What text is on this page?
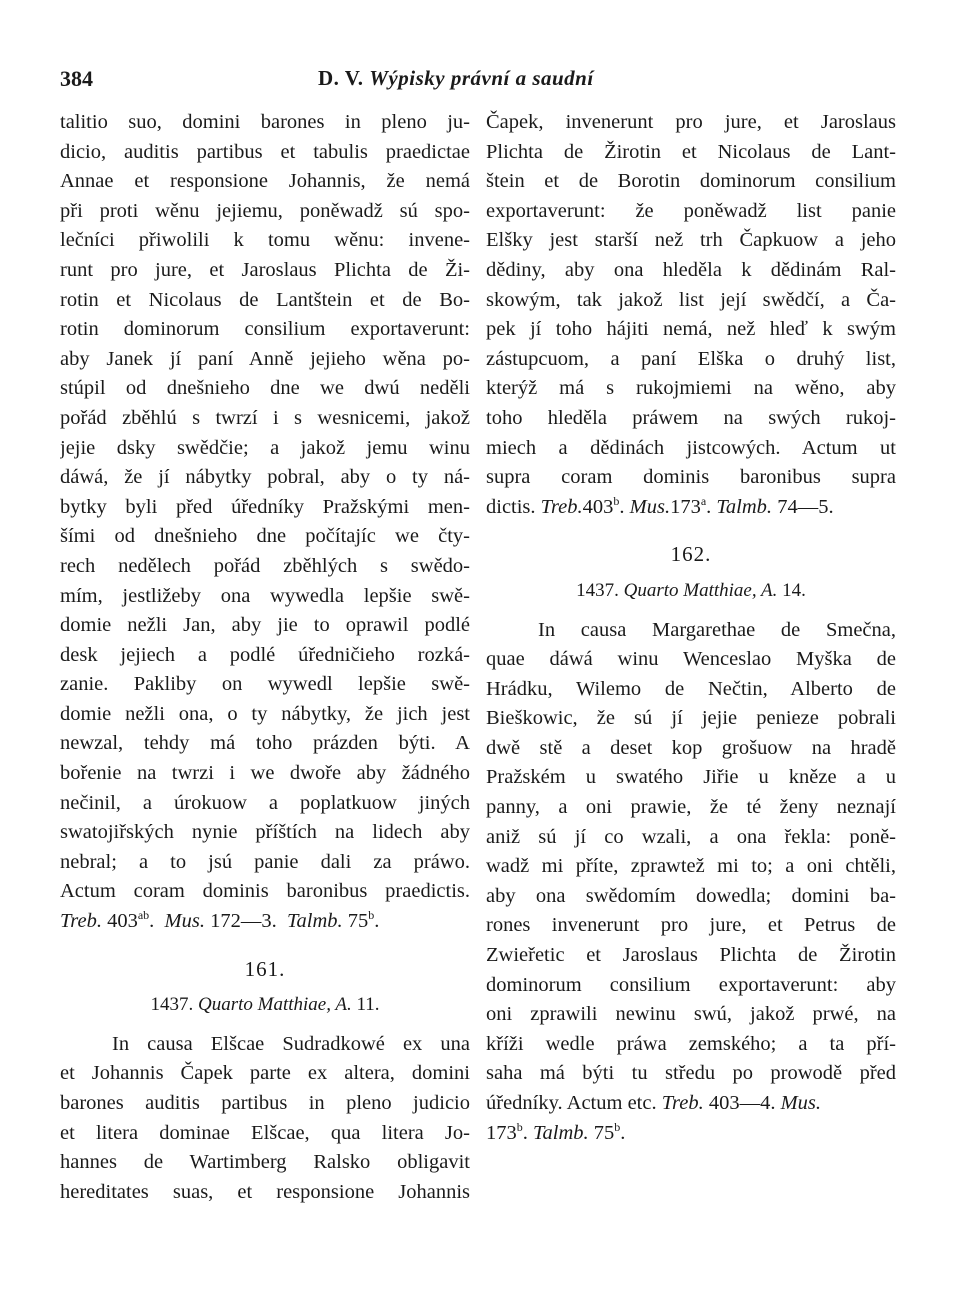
384	D. V. Wýpisky právní a saudní
talitio suo, domini barones in pleno ju-
dicio, auditis partibus et tabulis praedictae
Annae et responsione Johannis, že nemá
při proti wěnu jejiemu, poněwadž sú spo-
lečníci přiwolili k tomu wěnu: invene-
runt pro jure, et Jaroslaus Plichta de Ži-
rotin et Nicolaus de Lantštein et de Bo-
rotin dominorum consilium exportaverunt:
aby Janek jí paní Anně jejieho wěna po-
stúpil od dnešnieho dne we dwú neděli
pořád zběhlú s twrzí i s wesnicemi, jakož
jejie dsky swědčie; a jakož jemu winu
dáwá, že jí nábytky pobral, aby o ty ná-
bytky byli před úředníky Pražskými men-
šími od dnešnieho dne počítajíc we čty-
rech nedělech pořád zběhlých s swědo-
mím, jestližeby ona wywedla lepšie swě-
domie nežli Jan, aby jie to oprawil podlé
desk jejiech a podlé úředničieho rozká-
zanie. Pakliby on wywedl lepšie swě-
domie nežli ona, o ty nábytky, že jich jest
newzal, tehdy má toho prázden býti. A
bořenie na twrzi i we dwoře aby žádného
nečinil, a úrokuow a poplatkuow jiných
swatojiřských nynie příštích na lidech aby
nebral; a to jsú panie dali za práwo.
Actum coram dominis baronibus praedictis.
Treb. $403^{ab}$.  Mus. 172—3. Talmb. 75$^b$.
161.
1437. Quarto Matthiae, A. 11.
In causa Elšcae Sudradkowé ex una
et Johannis Čapek parte ex altera, domini
barones auditis partibus in pleno judicio
et litera dominae Elšcae, qua litera Jo-
hannes de Wartimberg Ralsko obligavit
hereditates suas, et responsione Johannis
Čapek, invenerunt pro jure, et Jaroslaus
Plichta de Žirotin et Nicolaus de Lant-
štein et de Borotin dominorum consilium
exportaverunt: že poněwadž list panie
Elšky jest starší než trh Čapkuow a jeho
dědiny, aby ona hleděla k dědinám Ral-
skowým, tak jakož list její swědčí, a Ča-
pek jí toho hájiti nemá, než hleď k swým
zástupcuom, a paní Elška o druhý list,
kterýž má s rukojmiemi na wěno, aby
toho hleděla práwem na swých rukoj-
miech a dědinách jistcowých. Actum ut
supra coram dominis baronibus supra
dictis. Treb.403$^b$. Mus.173$^a$. Talmb. 74—5.
162.
1437. Quarto Matthiae, A. 14.
In causa Margarethae de Smečna,
quae dáwá winu Wenceslao Myška de
Hrádku, Wilemo de Nečtin, Alberto de
Bieškowic, že sú jí jejie penieze pobrali
dwě stě a deset kop grošuow na hradě
Pražském u swatého Jiřie u kněze a u
panny, a oni prawie, že té ženy neznají
aniž sú jí co wzali, a ona řekla: poně-
wadž mi příte, zprawtež mi to; a oni chtěli,
aby ona swědomím dowedla; domini ba-
rones invenerunt pro jure, et Petrus de
Zwieřetic et Jaroslaus Plichta de Žirotin
dominorum consilium exportaverunt: aby
oni zprawili newinu swú, jakož prwé, na
kříži wedle práwa zemského; a ta pří-
saha má býti tu středu po prowodě před
úředníky. Actum etc. Treb. 403—4. Mus.
173$^b$. Talmb. 75$^b$.
